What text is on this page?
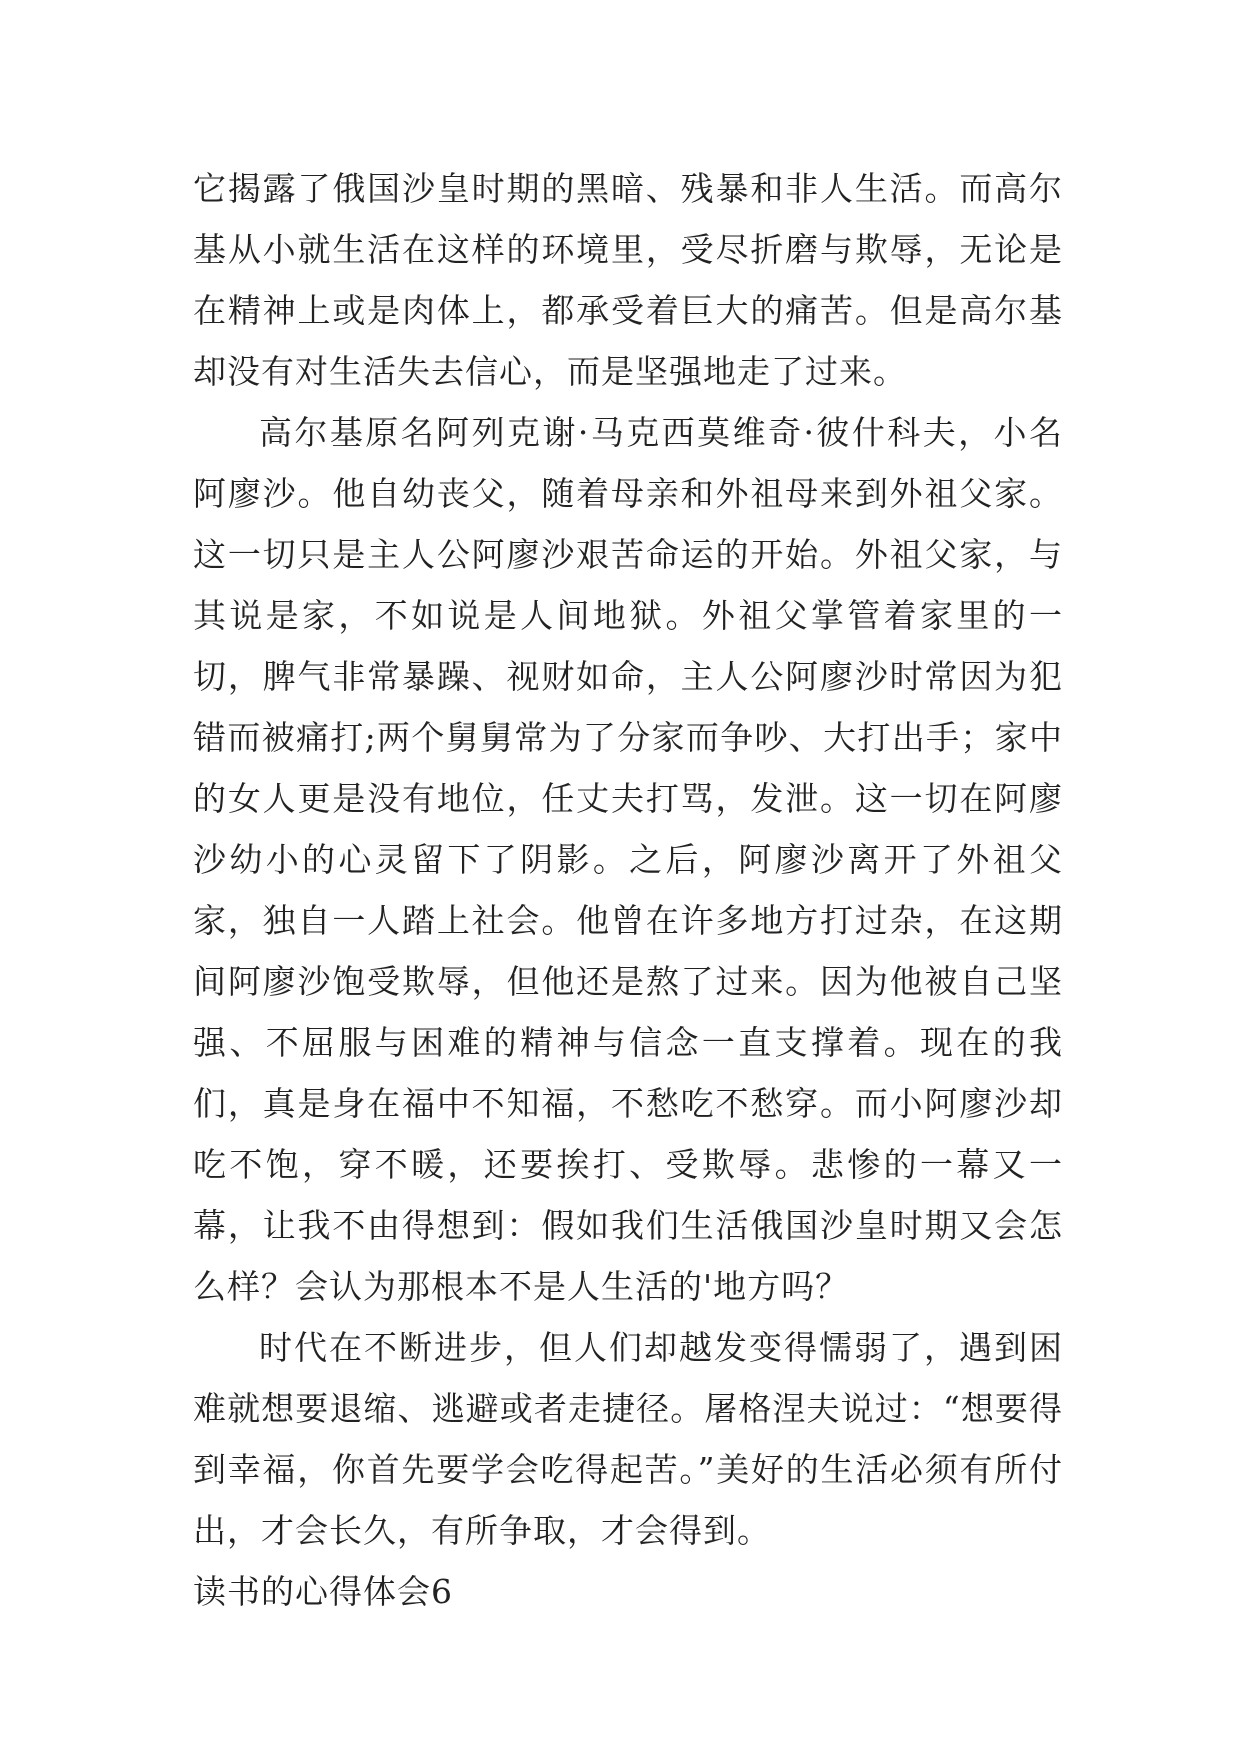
它揭露了俄国沙皇时期的黑暗、残暴和非人生活。而高尔基从小就生活在这样的环境里，受尽折磨与欺辱，无论是在精神上或是肉体上，都承受着巨大的痛苦。但是高尔基却没有对生活失去信心，而是坚强地走了过来。

高尔基原名阿列克谢·马克西莫维奇·彼什科夫，小名阿廖沙。他自幼丧父，随着母亲和外祖母来到外祖父家。这一切只是主人公阿廖沙艰苦命运的开始。外祖父家，与其说是家，不如说是人间地狱。外祖父掌管着家里的一切，脾气非常暴躁、视财如命，主人公阿廖沙时常因为犯错而被痛打;两个舅舅常为了分家而争吵、大打出手；家中的女人更是没有地位，任丈夫打骂，发泄。这一切在阿廖沙幼小的心灵留下了阴影。之后，阿廖沙离开了外祖父家，独自一人踏上社会。他曾在许多地方打过杂，在这期间阿廖沙饱受欺辱，但他还是熬了过来。因为他被自己坚强、不屈服与困难的精神与信念一直支撑着。现在的我们，真是身在福中不知福，不愁吃不愁穿。而小阿廖沙却吃不饱，穿不暖，还要挨打、受欺辱。悲惨的一幕又一幕，让我不由得想到：假如我们生活俄国沙皇时期又会怎么样？会认为那根本不是人生活的'地方吗？

时代在不断进步，但人们却越发变得懦弱了，遇到困难就想要退缩、逃避或者走捷径。屠格涅夫说过：“想要得到幸福，你首先要学会吃得起苦。”美好的生活必须有所付出，才会长久，有所争取，才会得到。

读书的心得体会6
